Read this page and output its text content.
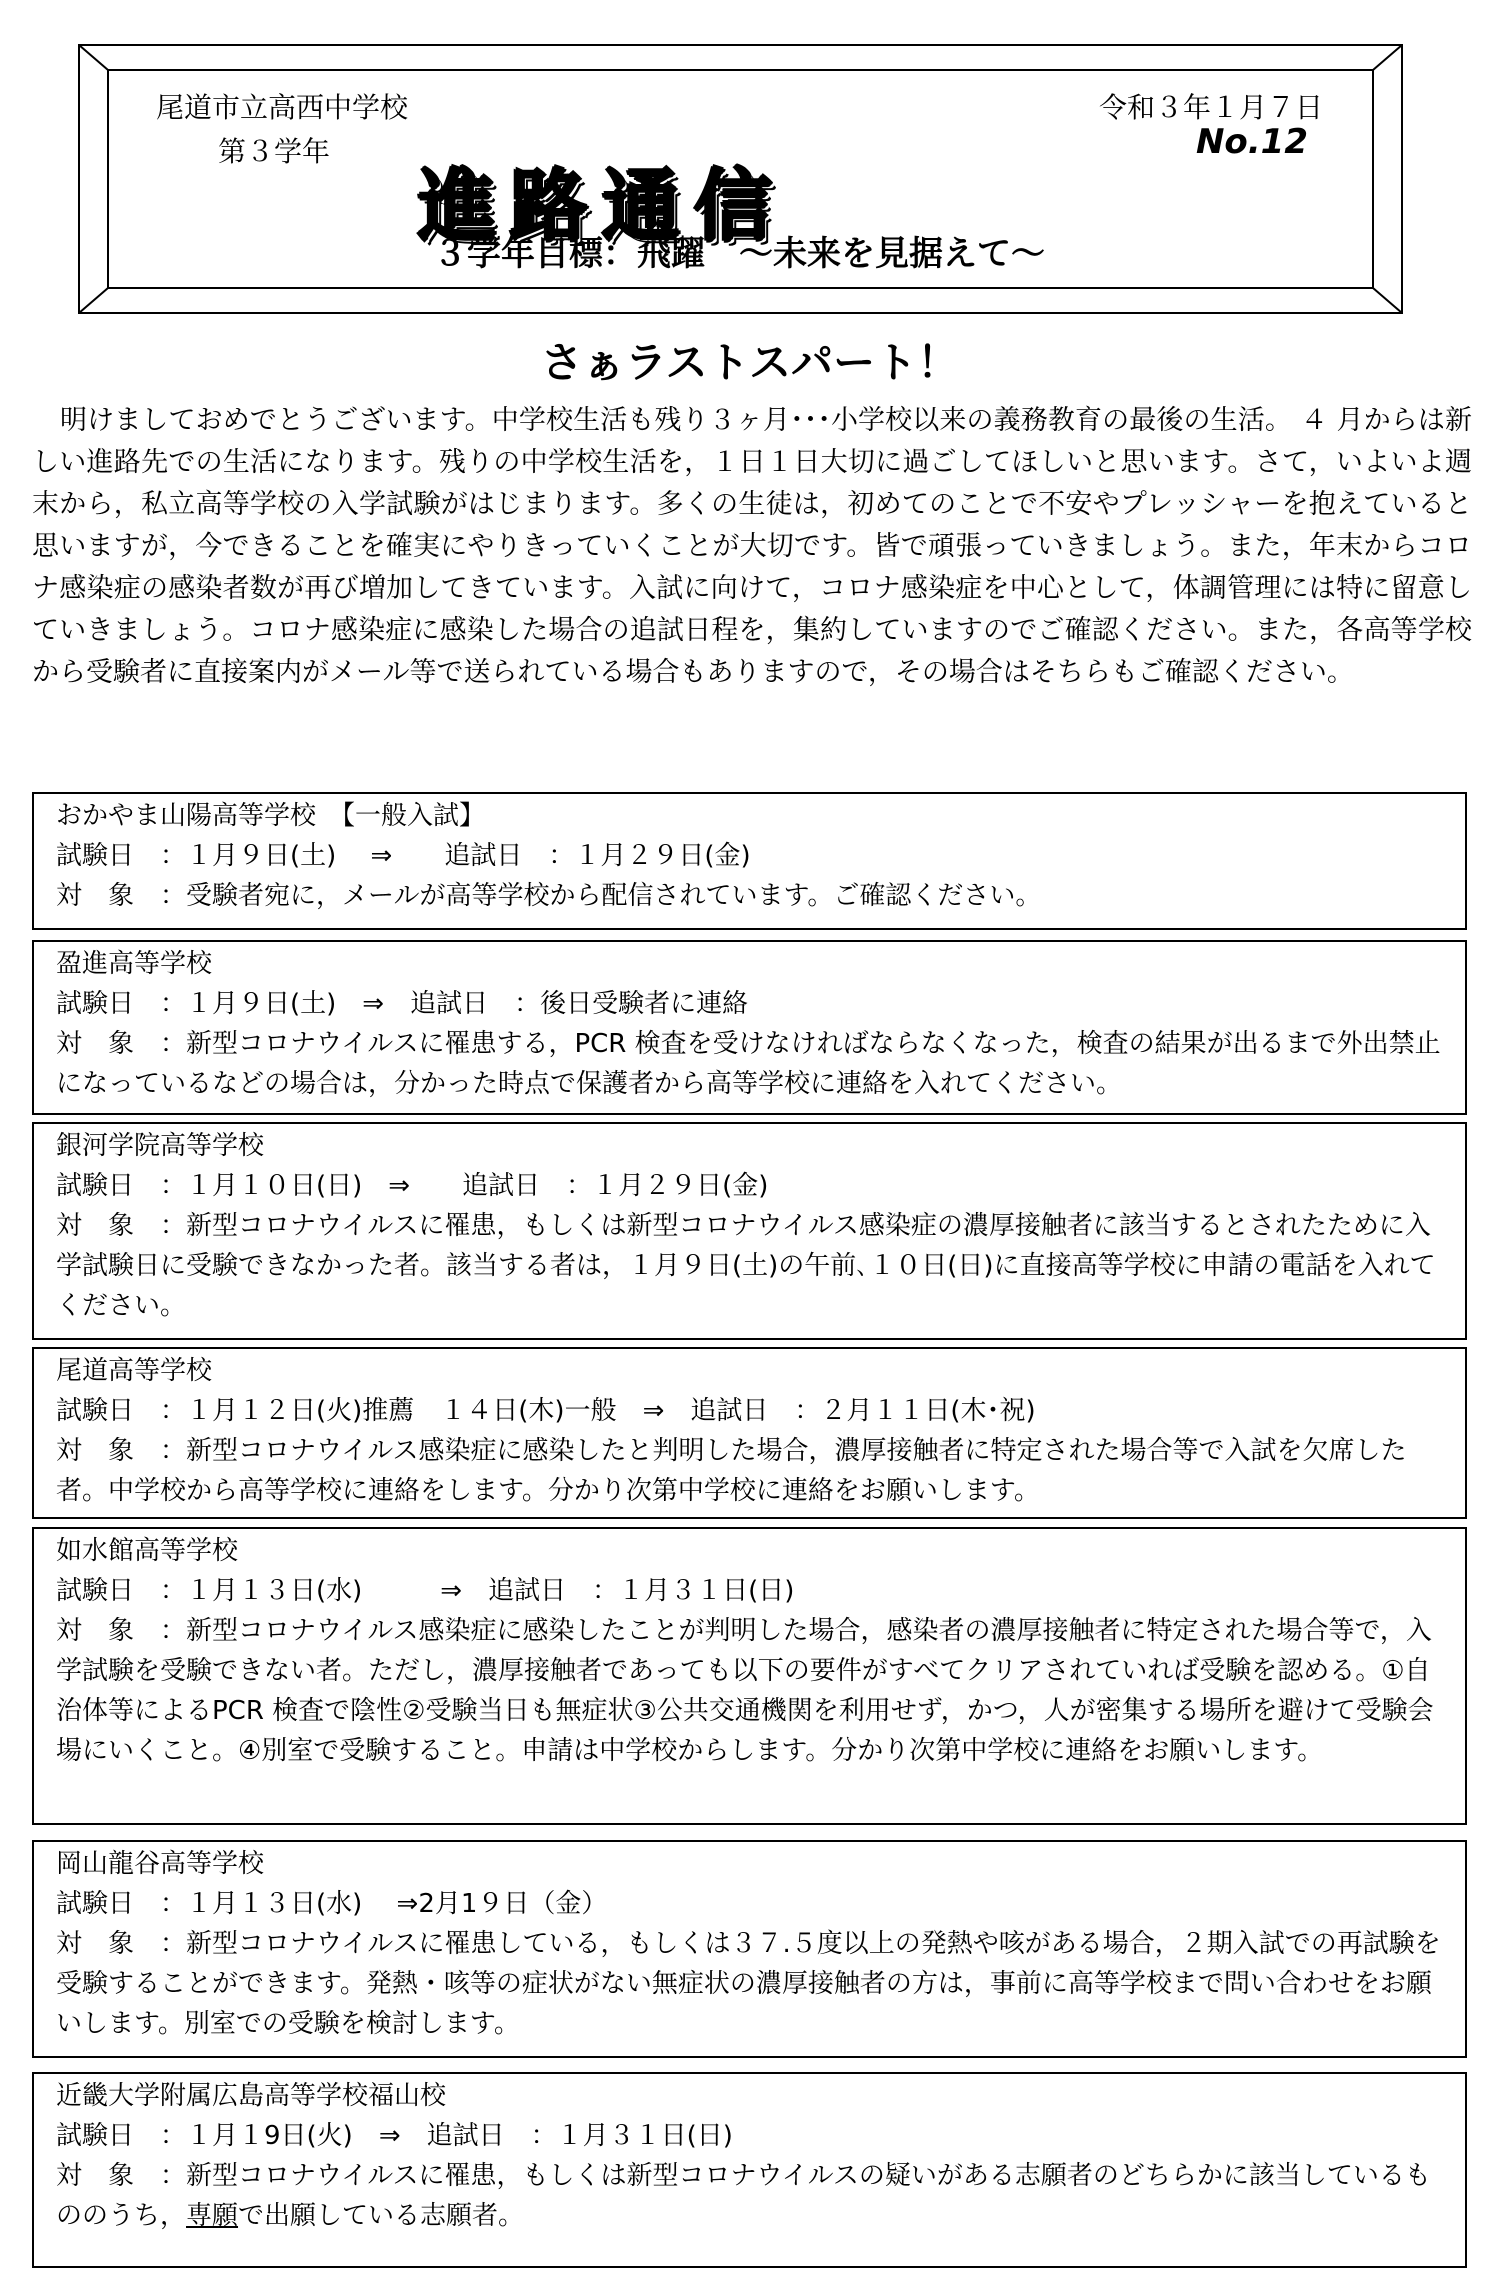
尾道市立高西中学校
第３学年
令和３年１月７日
No.12
進路通信
３学年目標：飛躍　～未来を見据えて～
さぁラストスパート！
明けましておめでとうございます。中学校生活も残り３ヶ月･･･小学校以来の義務教育の最後の生活。 ４ 月からは新しい進路先での生活になります。残りの中学校生活を，１日１日大切に過ごしてほしいと思います。さて，いよいよ週末から，私立高等学校の入学試験がはじまります。多くの生徒は，初めてのことで不安やプレッシャーを抱えていると思いますが，今できることを確実にやりきっていくことが大切です。皆で頑張っていきましょう。また，年末からコロナ感染症の感染者数が再び増加してきています。入試に向けて，コロナ感染症を中心として，体調管理には特に留意していきましょう。コロナ感染症に感染した場合の追試日程を，集約していますのでご確認ください。また，各高等学校から受験者に直接案内がメール等で送られている場合もありますので，その場合はそちらもご確認ください。
おかやま山陽高等学校　【一般入試】
試験日　：１月９日(土)　 ⇒　　追試日　：１月２９日(金)
対　象　：受験者宛に，メールが高等学校から配信されています。ご確認ください。
盈進高等学校
試験日　：１月９日(土)　⇒　追試日　：後日受験者に連絡
対　象　：新型コロナウイルスに罹患する，PCR 検査を受けなければならなくなった，検査の結果が出るまで外出禁止になっているなどの場合は，分かった時点で保護者から高等学校に連絡を入れてください。
銀河学院高等学校
試験日　：１月１０日(日)　⇒　　追試日　：１月２９日(金)
対　象　：新型コロナウイルスに罹患，もしくは新型コロナウイルス感染症の濃厚接触者に該当するとされたために入学試験日に受験できなかった者。該当する者は，１月９日(土)の午前､１０日(日)に直接高等学校に申請の電話を入れてください。
尾道高等学校
試験日　：１月１２日(火)推薦　１４日(木)一般　⇒　追試日　：２月１１日(木･祝)
対　象　：新型コロナウイルス感染症に感染したと判明した場合，濃厚接触者に特定された場合等で入試を欠席した者。中学校から高等学校に連絡をします。分かり次第中学校に連絡をお願いします。
如水館高等学校
試験日　：１月１３日(水)　　　⇒　追試日　：１月３１日(日)
対　象　：新型コロナウイルス感染症に感染したことが判明した場合，感染者の濃厚接触者に特定された場合等で，入学試験を受験できない者。ただし，濃厚接触者であっても以下の要件がすべてクリアされていれば受験を認める。①自治体等によるPCR 検査で陰性②受験当日も無症状③公共交通機関を利用せず，かつ，人が密集する場所を避けて受験会場にいくこと。④別室で受験すること。申請は中学校からします。分かり次第中学校に連絡をお願いします。
岡山龍谷高等学校
試験日　：１月１３日(水)　 ⇒2月1９日（金）
対　象　：新型コロナウイルスに罹患している，もしくは３７.５度以上の発熱や咳がある場合，２期入試での再試験を受験することができます。発熱・咳等の症状がない無症状の濃厚接触者の方は，事前に高等学校まで問い合わせをお願いします。別室での受験を検討します。
近畿大学附属広島高等学校福山校
試験日　：１月１9日(火)　⇒　追試日　：１月３１日(日)
対　象　：新型コロナウイルスに罹患，もしくは新型コロナウイルスの疑いがある志願者のどちらかに該当しているもののうち，専願で出願している志願者。
